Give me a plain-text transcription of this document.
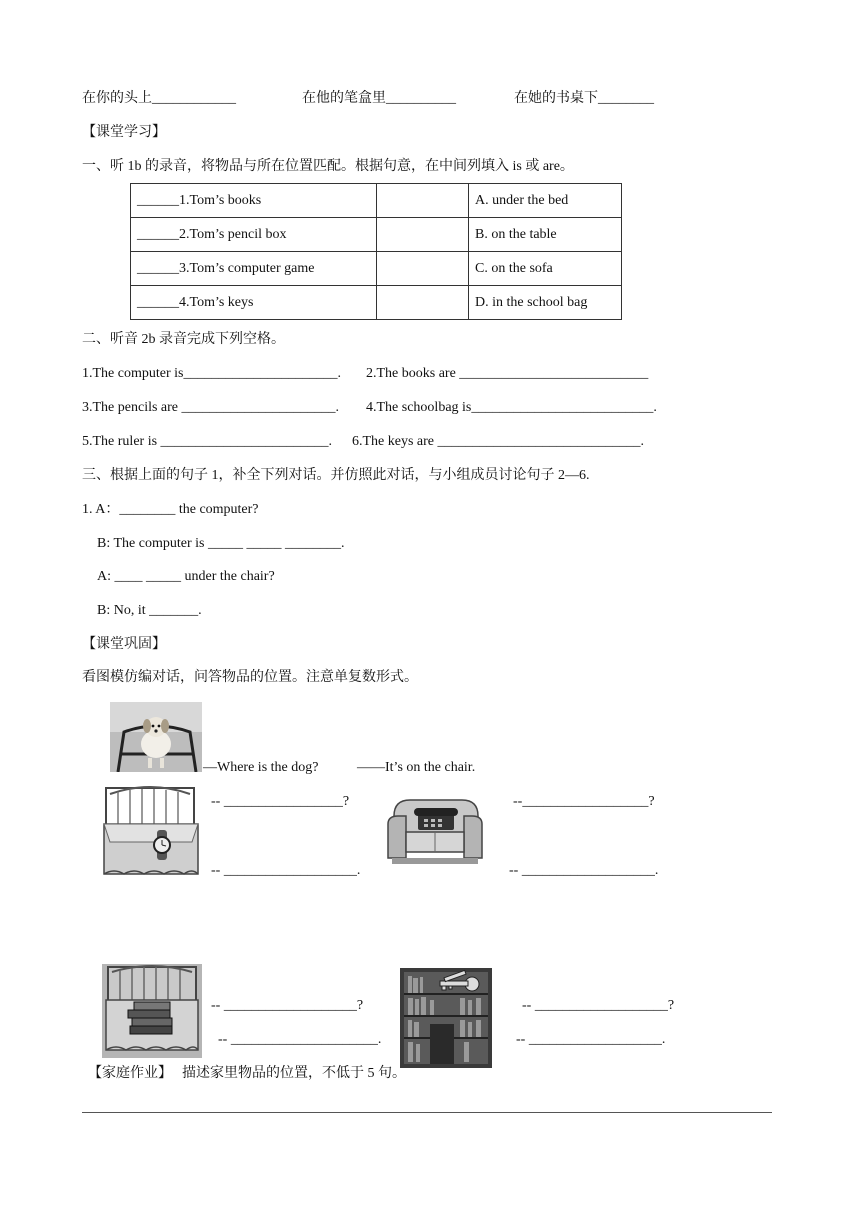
在你的头上____________	在他的笔盒里__________	在她的书桌下________
【课堂学习】
一、听 1b 的录音，将物品与所在位置匹配。根据句意，在中间列填入 is 或 are。
______1.Tom’s books		A. under the bed
______2.Tom’s pencil box		B. on the table
______3.Tom’s computer game		C. on the sofa
______4.Tom’s keys		D. in the school bag
二、听音 2b 录音完成下列空格。
1.The computer is______________________. 2.The books are ___________________________
3.The pencils are ______________________. 4.The schoolbag is__________________________.
5.The ruler is ________________________. 6.The keys are _____________________________.
三、根据上面的句子 1，补全下列对话。并仿照此对话，与小组成员讨论句子 2—6.
1. A：________ the computer?
B: The computer is _____ _____ ________.
A: ____ _____ under the chair?
B: No, it _______.
【课堂巩固】
看图模仿编对话，问答物品的位置。注意单复数形式。
—Where is the dog?	——It’s on the chair.
-- _________________?
-- ___________________.
--__________________?
-- ___________________.
-- ___________________?
-- _____________________.
-- ___________________?
-- ___________________.
【家庭作业】 描述家里物品的位置，不低于 5 句。
